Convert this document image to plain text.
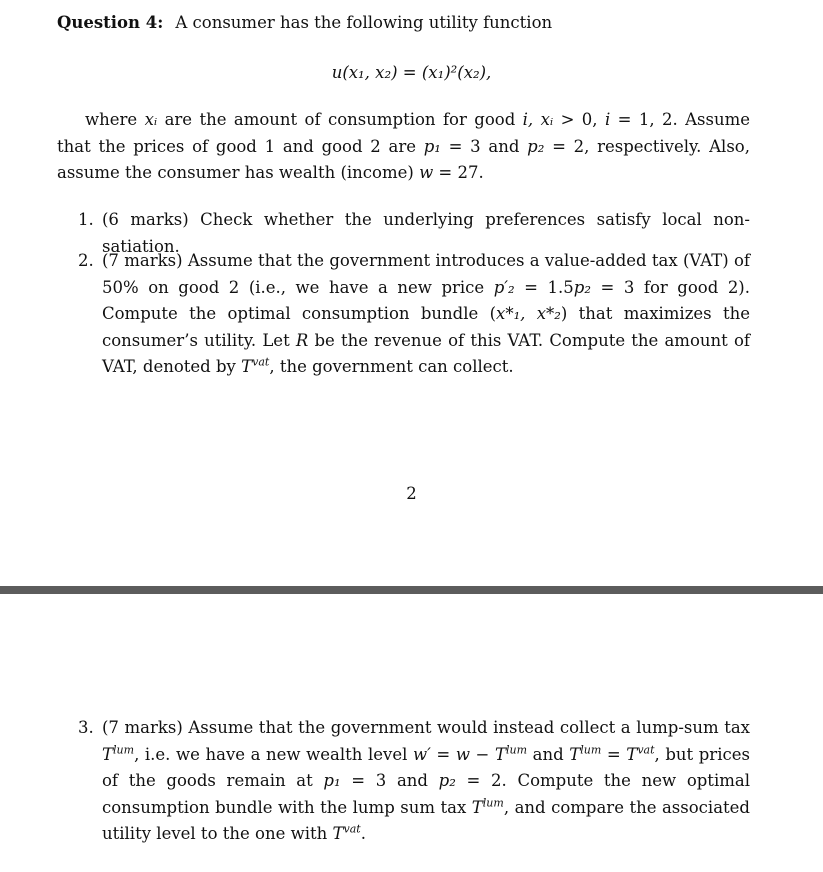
Question 4: A consumer has the following utility function
u(x₁, x₂) = (x₁)²(x₂),
where xᵢ are the amount of consumption for good i, xᵢ > 0, i = 1, 2. Assume that the prices of good 1 and good 2 are p₁ = 3 and p₂ = 2, respectively. Also, assume the consumer has wealth (income) w = 27.
1. (6 marks) Check whether the underlying preferences satisfy local non-satiation.
2. (7 marks) Assume that the government introduces a value-added tax (VAT) of 50% on good 2 (i.e., we have a new price p′₂ = 1.5p₂ = 3 for good 2). Compute the optimal consumption bundle (x*₁, x*₂) that maximizes the consumer’s utility. Let R be the revenue of this VAT. Compute the amount of VAT, denoted by $T^{vat}$, the government can collect.
2
3. (7 marks) Assume that the government would instead collect a lump-sum tax $T^{lum}$, i.e. we have a new wealth level $w' = w - T^{lum}$ and $T^{lum} = T^{vat}$, but prices of the goods remain at p₁ = 3 and p₂ = 2. Compute the new optimal consumption bundle with the lump sum tax $T^{lum}$, and compare the associated utility level to the one with $T^{vat}$.
